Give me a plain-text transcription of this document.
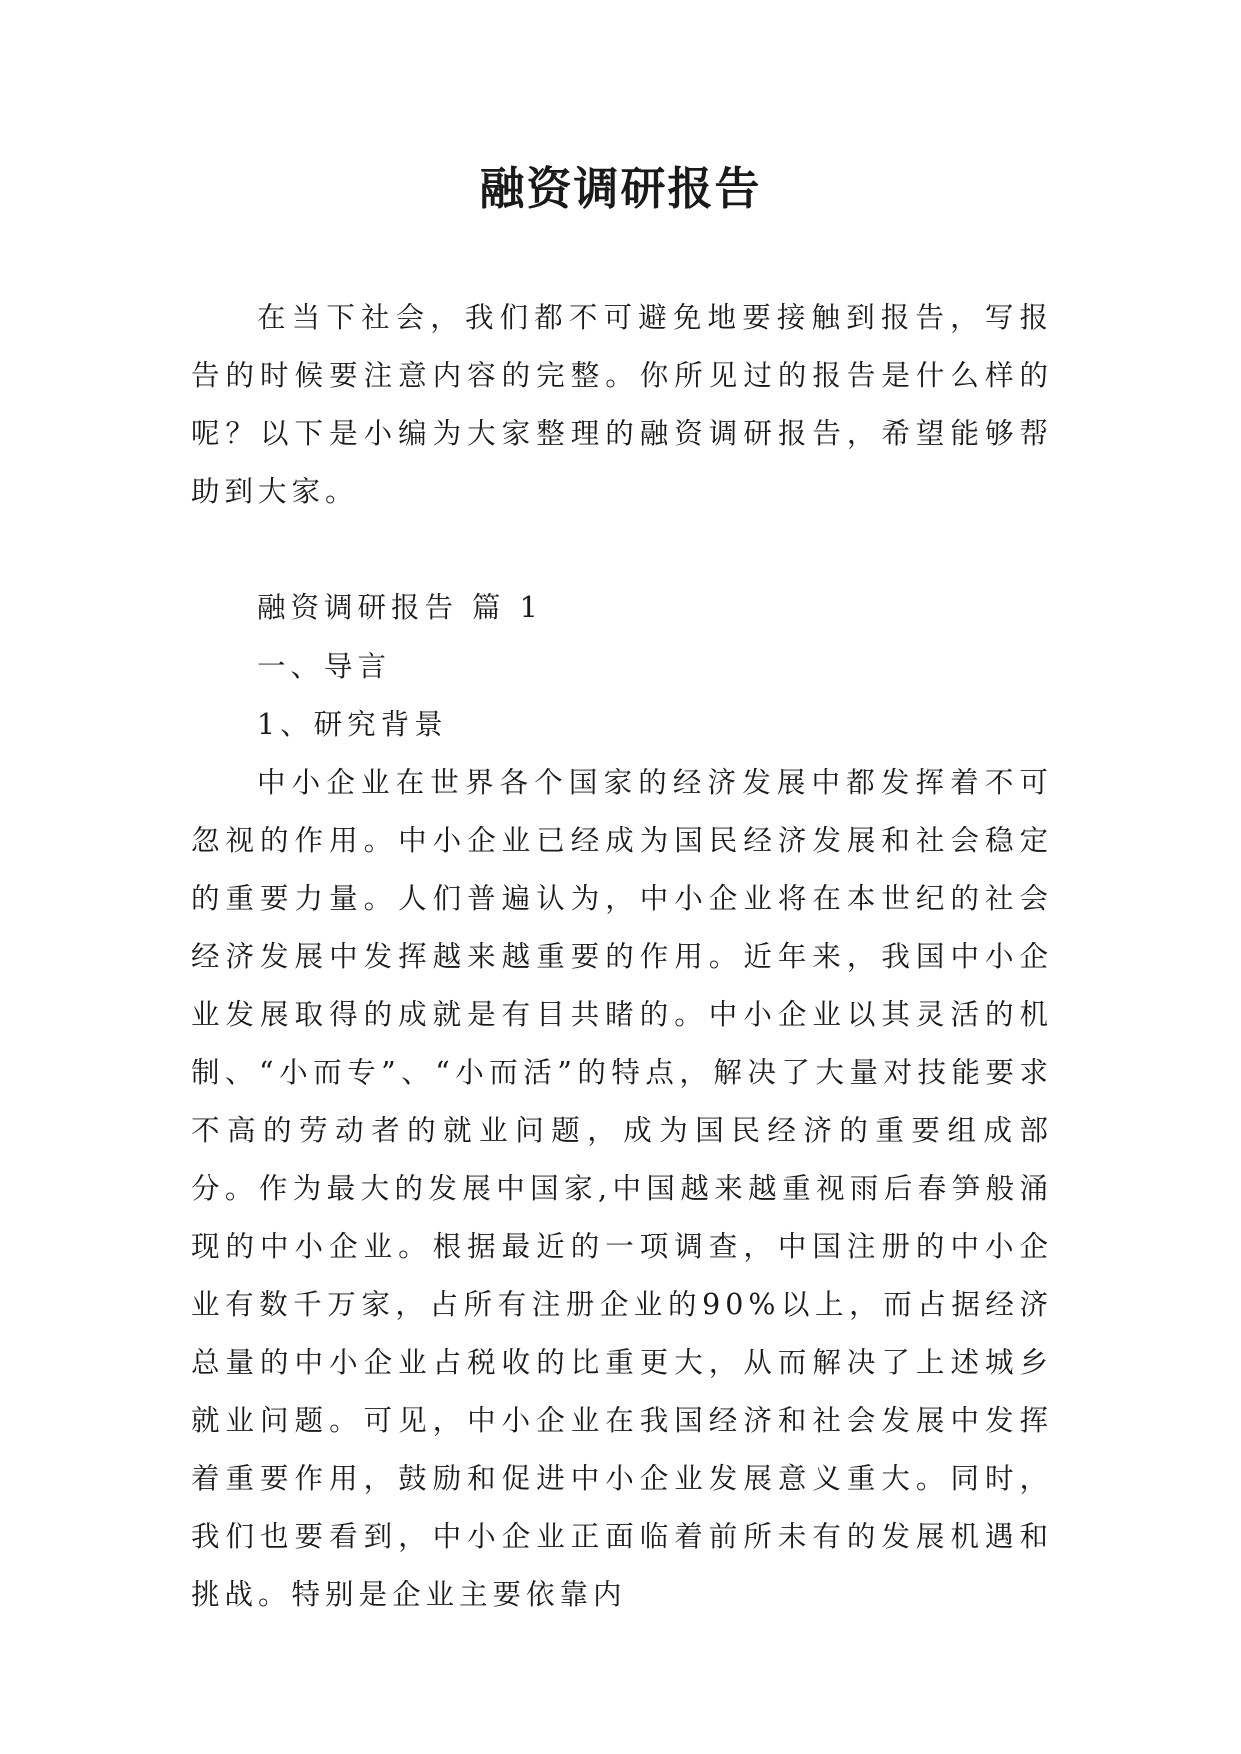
融资调研报告

在当下社会，我们都不可避免地要接触到报告，写报告的时候要注意内容的完整。你所见过的报告是什么样的呢？以下是小编为大家整理的融资调研报告，希望能够帮助到大家。

融资调研报告 篇 1

一、导言

1、研究背景

中小企业在世界各个国家的经济发展中都发挥着不可忽视的作用。中小企业已经成为国民经济发展和社会稳定的重要力量。人们普遍认为，中小企业将在本世纪的社会经济发展中发挥越来越重要的作用。近年来，我国中小企业发展取得的成就是有目共睹的。中小企业以其灵活的机制、“小而专”、“小而活”的特点，解决了大量对技能要求不高的劳动者的就业问题，成为国民经济的重要组成部分。作为最大的发展中国家,中国越来越重视雨后春笋般涌现的中小企业。根据最近的一项调查，中国注册的中小企业有数千万家，占所有注册企业的90%以上，而占据经济总量的中小企业占税收的比重更大，从而解决了上述城乡就业问题。可见，中小企业在我国经济和社会发展中发挥着重要作用，鼓励和促进中小企业发展意义重大。同时，我们也要看到，中小企业正面临着前所未有的发展机遇和挑战。特别是企业主要依靠内
